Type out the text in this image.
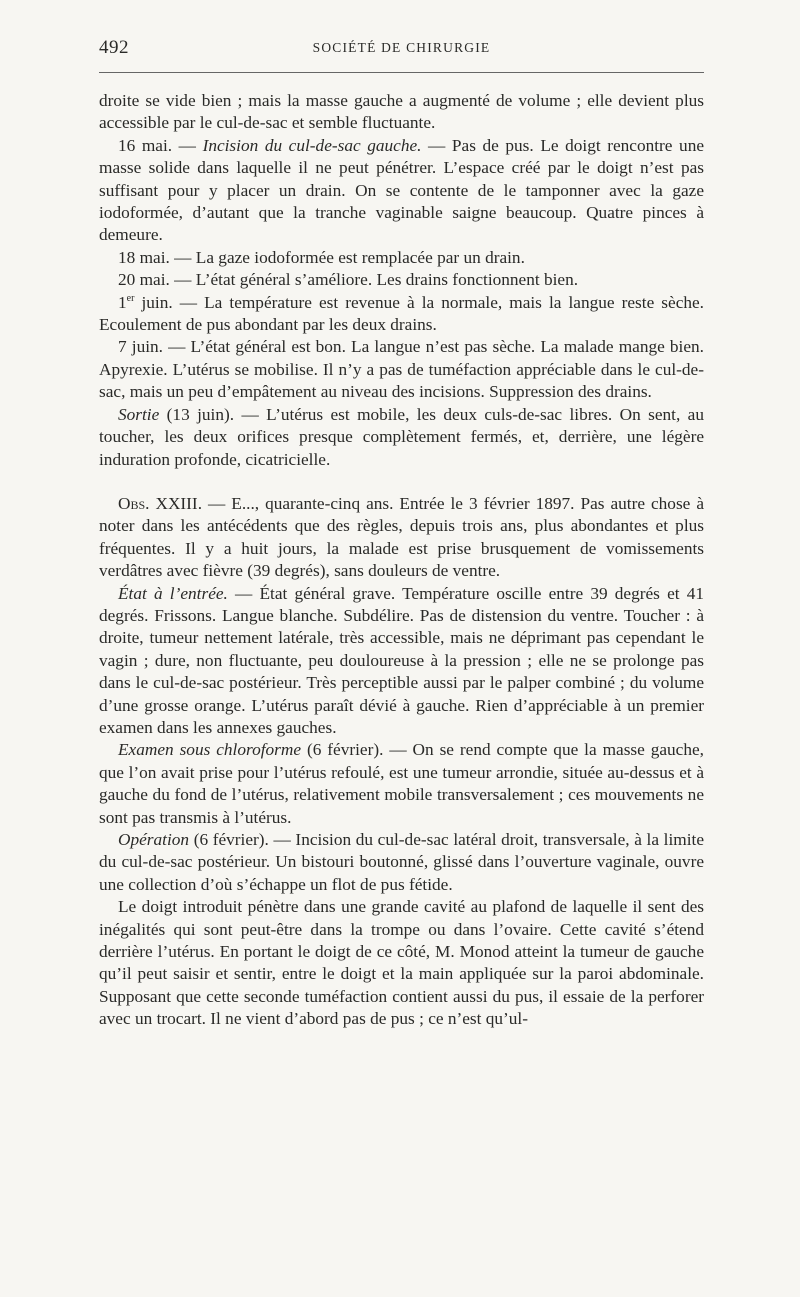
492	SOCIÉTÉ DE CHIRURGIE

droite se vide bien ; mais la masse gauche a augmenté de volume ; elle devient plus accessible par le cul-de-sac et semble fluctuante.

16 mai. — Incision du cul-de-sac gauche. — Pas de pus. Le doigt rencontre une masse solide dans laquelle il ne peut pénétrer. L’espace créé par le doigt n’est pas suffisant pour y placer un drain. On se contente de le tamponner avec la gaze iodoformée, d’autant que la tranche vaginable saigne beaucoup. Quatre pinces à demeure.

18 mai. — La gaze iodoformée est remplacée par un drain.

20 mai. — L’état général s’améliore. Les drains fonctionnent bien.

1er juin. — La température est revenue à la normale, mais la langue reste sèche. Ecoulement de pus abondant par les deux drains.

7 juin. — L’état général est bon. La langue n’est pas sèche. La malade mange bien. Apyrexie. L’utérus se mobilise. Il n’y a pas de tuméfaction appréciable dans le cul-de-sac, mais un peu d’empâtement au niveau des incisions. Suppression des drains.

Sortie (13 juin). — L’utérus est mobile, les deux culs-de-sac libres. On sent, au toucher, les deux orifices presque complètement fermés, et, derrière, une légère induration profonde, cicatricielle.

Obs. XXIII. — E..., quarante-cinq ans. Entrée le 3 février 1897. Pas autre chose à noter dans les antécédents que des règles, depuis trois ans, plus abondantes et plus fréquentes. Il y a huit jours, la malade est prise brusquement de vomissements verdâtres avec fièvre (39 degrés), sans douleurs de ventre.

État à l’entrée. — État général grave. Température oscille entre 39 degrés et 41 degrés. Frissons. Langue blanche. Subdélire. Pas de distension du ventre. Toucher : à droite, tumeur nettement latérale, très accessible, mais ne déprimant pas cependant le vagin ; dure, non fluctuante, peu douloureuse à la pression ; elle ne se prolonge pas dans le cul-de-sac postérieur. Très perceptible aussi par le palper combiné ; du volume d’une grosse orange. L’utérus paraît dévié à gauche. Rien d’appréciable à un premier examen dans les annexes gauches.

Examen sous chloroforme (6 février). — On se rend compte que la masse gauche, que l’on avait prise pour l’utérus refoulé, est une tumeur arrondie, située au-dessus et à gauche du fond de l’utérus, relativement mobile transversalement ; ces mouvements ne sont pas transmis à l’utérus.

Opération (6 février). — Incision du cul-de-sac latéral droit, transversale, à la limite du cul-de-sac postérieur. Un bistouri boutonné, glissé dans l’ouverture vaginale, ouvre une collection d’où s’échappe un flot de pus fétide.

Le doigt introduit pénètre dans une grande cavité au plafond de laquelle il sent des inégalités qui sont peut-être dans la trompe ou dans l’ovaire. Cette cavité s’étend derrière l’utérus. En portant le doigt de ce côté, M. Monod atteint la tumeur de gauche qu’il peut saisir et sentir, entre le doigt et la main appliquée sur la paroi abdominale. Supposant que cette seconde tuméfaction contient aussi du pus, il essaie de la perforer avec un trocart. Il ne vient d’abord pas de pus ; ce n’est qu’ul-
